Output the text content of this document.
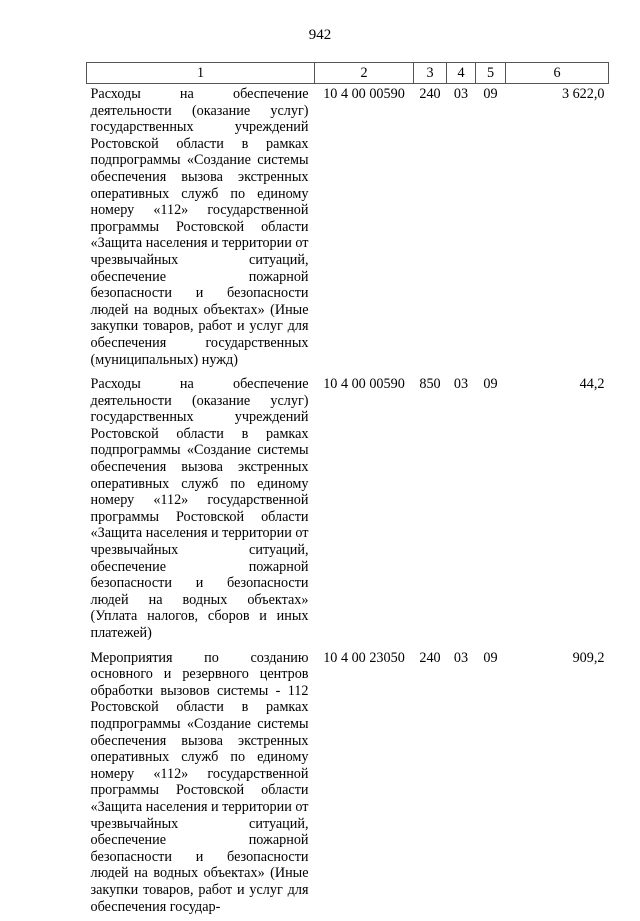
942
1	2	3	4	5	6
Расходы на обеспечение деятельности (оказание услуг) государственных учреждений Ростовской области в рамках подпрограммы «Создание системы обеспечения вызова экстренных оперативных служб по единому номеру «112» государственной программы Ростовской области «Защита населения и территории от чрезвычайных ситуаций, обеспечение пожарной безопасности и безопасности людей на водных объектах» (Иные закупки товаров, работ и услуг для обеспечения государственных (муниципальных) нужд)	10 4 00 00590	240	03	09	3 622,0
Расходы на обеспечение деятельности (оказание услуг) государственных учреждений Ростовской области в рамках подпрограммы «Создание системы обеспечения вызова экстренных оперативных служб по единому номеру «112» государственной программы Ростовской области «Защита населения и территории от чрезвычайных ситуаций, обеспечение пожарной безопасности и безопасности людей на водных объектах» (Уплата налогов, сборов и иных платежей)	10 4 00 00590	850	03	09	44,2
Мероприятия по созданию основного и резервного центров обработки вызовов системы - 112 Ростовской области в рамках подпрограммы «Создание системы обеспечения вызова экстренных оперативных служб по единому номеру «112» государственной программы Ростовской области «Защита населения и территории от чрезвычайных ситуаций, обеспечение пожарной безопасности и безопасности людей на водных объектах» (Иные закупки товаров, работ и услуг для обеспечения государ-	10 4 00 23050	240	03	09	909,2
